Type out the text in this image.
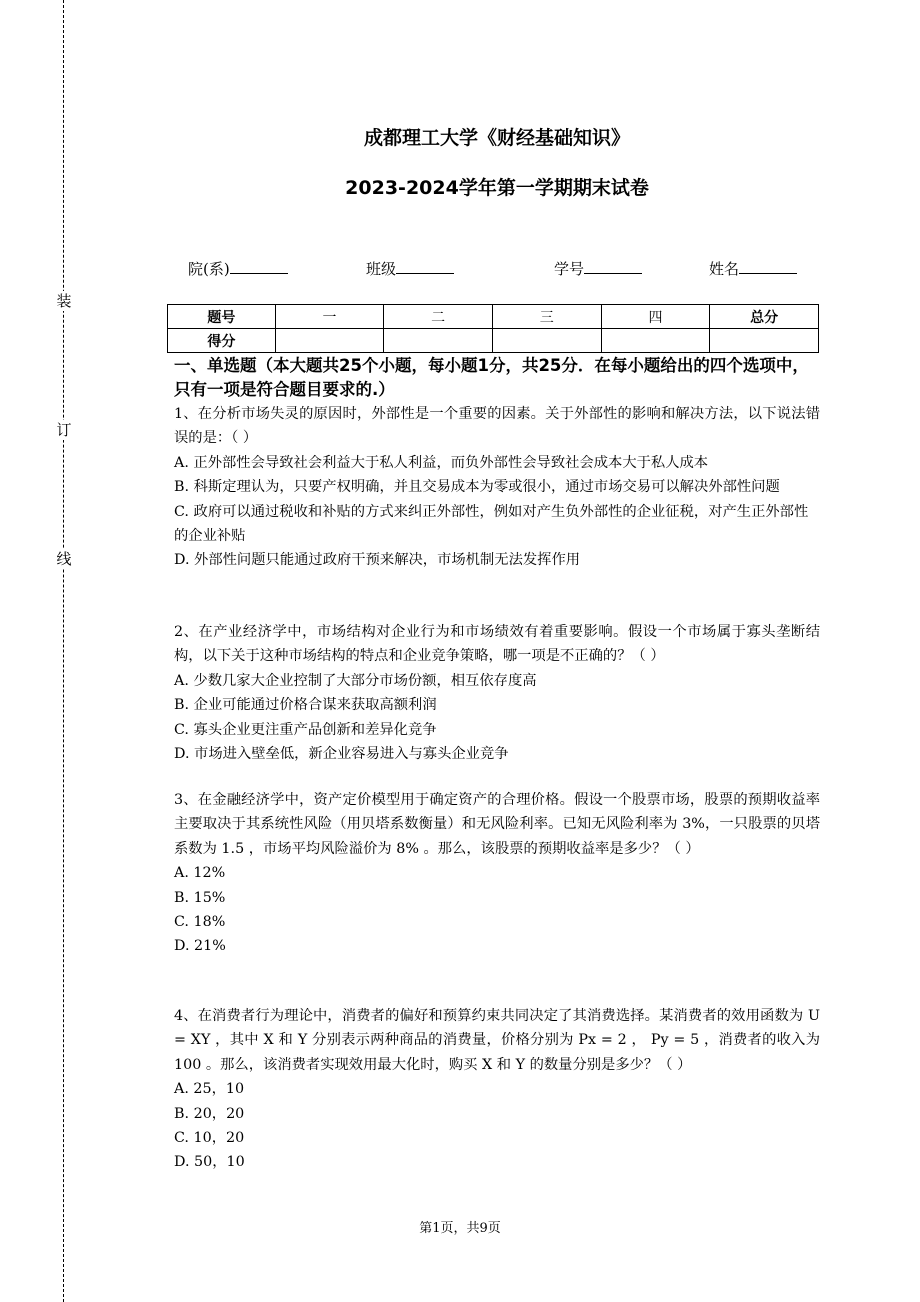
装
订
线
成都理工大学《财经基础知识》
2023-2024学年第一学期期末试卷
院(系)	班级	学号	姓名
题号	一	二	三	四	总分
得分					
一、单选题（本大题共25个小题，每小题1分，共25分．在每小题给出的四个选项中，只有一项是符合题目要求的.）

1、在分析市场失灵的原因时，外部性是一个重要的因素。关于外部性的影响和解决方法，以下说法错误的是：（ ）

A. 正外部性会导致社会利益大于私人利益，而负外部性会导致社会成本大于私人成本

B. 科斯定理认为，只要产权明确，并且交易成本为零或很小，通过市场交易可以解决外部性问题

C. 政府可以通过税收和补贴的方式来纠正外部性，例如对产生负外部性的企业征税，对产生正外部性的企业补贴

D. 外部性问题只能通过政府干预来解决，市场机制无法发挥作用

2、在产业经济学中，市场结构对企业行为和市场绩效有着重要影响。假设一个市场属于寡头垄断结构，以下关于这种市场结构的特点和企业竞争策略，哪一项是不正确的？（ ）

A. 少数几家大企业控制了大部分市场份额，相互依存度高

B. 企业可能通过价格合谋来获取高额利润

C. 寡头企业更注重产品创新和差异化竞争

D. 市场进入壁垒低，新企业容易进入与寡头企业竞争

3、在金融经济学中，资产定价模型用于确定资产的合理价格。假设一个股票市场，股票的预期收益率主要取决于其系统性风险（用贝塔系数衡量）和无风险利率。已知无风险利率为 3%，一只股票的贝塔系数为 1.5 ，市场平均风险溢价为 8% 。那么，该股票的预期收益率是多少？（ ）

A. 12%

B. 15%

C. 18%

D. 21%

4、在消费者行为理论中，消费者的偏好和预算约束共同决定了其消费选择。某消费者的效用函数为 U = XY ，其中 X 和 Y 分别表示两种商品的消费量，价格分别为 Px = 2 ， Py = 5 ，消费者的收入为 100 。那么，该消费者实现效用最大化时，购买 X 和 Y 的数量分别是多少？（ ）

A. 25，10

B. 20，20

C. 10，20

D. 50，10

第1页，共9页
